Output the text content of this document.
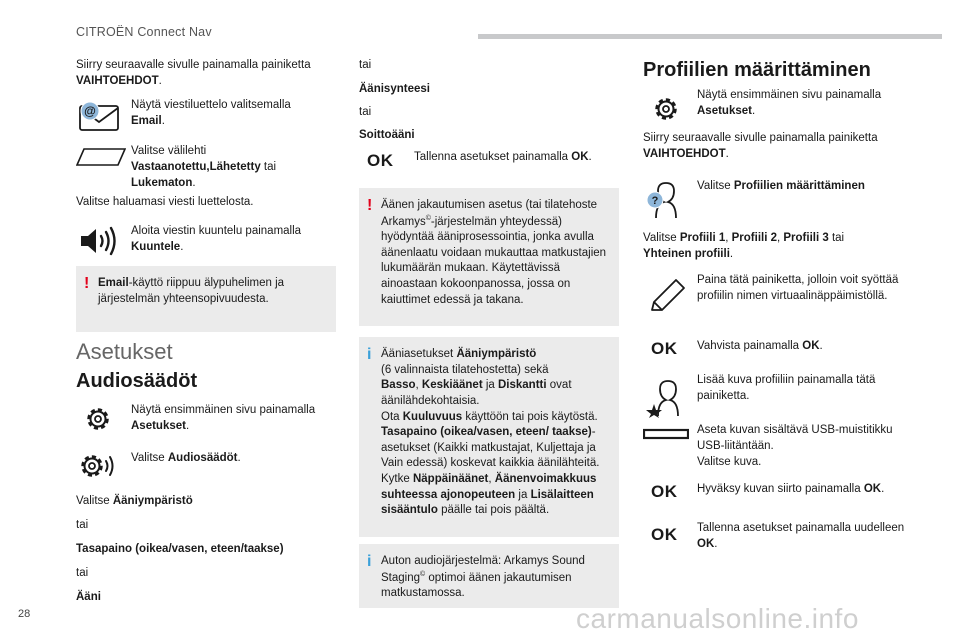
CITROËN Connect Nav
Siirry seuraavalle sivulle painamalla painiketta
VAIHTOEHDOT.
@	Näytä viestiluettelo valitsemalla
Email.
Valitse välilehti
Vastaanotettu,Lähetetty tai
Lukematon.
Valitse haluamasi viesti luettelosta.
Aloita viestin kuuntelu painamalla
Kuuntele.
! Email-käyttö riippuu älypuhelimen ja järjestelmän yhteensopivuudesta.
Asetukset
Audiosäädöt
Näytä ensimmäinen sivu painamalla
Asetukset.
Valitse Audiosäädöt.
Valitse Ääniympäristö
tai
Tasapaino (oikea/vasen, eteen/taakse)
tai
Ääni
tai
Äänisynteesi
tai
Soittoääni
OK Tallenna asetukset painamalla OK.
! Äänen jakautumisen asetus (tai tilatehoste Arkamys©-järjestelmän yhteydessä) hyödyntää ääniprosessointia, jonka avulla äänenlaatu voidaan mukauttaa matkustajien lukumäärän mukaan. Käytettävissä ainoastaan kokoonpanossa, jossa on kaiuttimet edessä ja takana.
i Ääniasetukset Ääniympäristö
(6 valinnaista tilatehostetta) sekä
Basso, Keskiäänet ja Diskantti ovat äänilähdekohtaisia.
Ota Kuuluvuus käyttöön tai pois käytöstä.
Tasapaino (oikea/vasen, eteen/ taakse)-asetukset (Kaikki matkustajat, Kuljettaja ja Vain edessä) koskevat kaikkia äänilähteitä.
Kytke Näppäinäänet, Äänenvoimakkuus suhteessa ajonopeuteen ja Lisälaitteen sisääntulo päälle tai pois päältä.
i Auton audiojärjestelmä: Arkamys Sound Staging© optimoi äänen jakautumisen matkustamossa.
Profiilien määrittäminen
Näytä ensimmäinen sivu painamalla
Asetukset.
Siirry seuraavalle sivulle painamalla painiketta
VAIHTOEHDOT.
?
Valitse Profiilien määrittäminen
Valitse Profiili 1, Profiili 2, Profiili 3 tai
Yhteinen profiili.
Paina tätä painiketta, jolloin voit syöttää profiilin nimen virtuaalinäppäimistöllä.
OK Vahvista painamalla OK.
Lisää kuva profiiliin painamalla tätä painiketta.
Aseta kuvan sisältävä USB-muistitikku USB-liitäntään.
Valitse kuva.
OK Hyväksy kuvan siirto painamalla OK.
OK Tallenna asetukset painamalla uudelleen OK.
28	carmanualsonline.info
